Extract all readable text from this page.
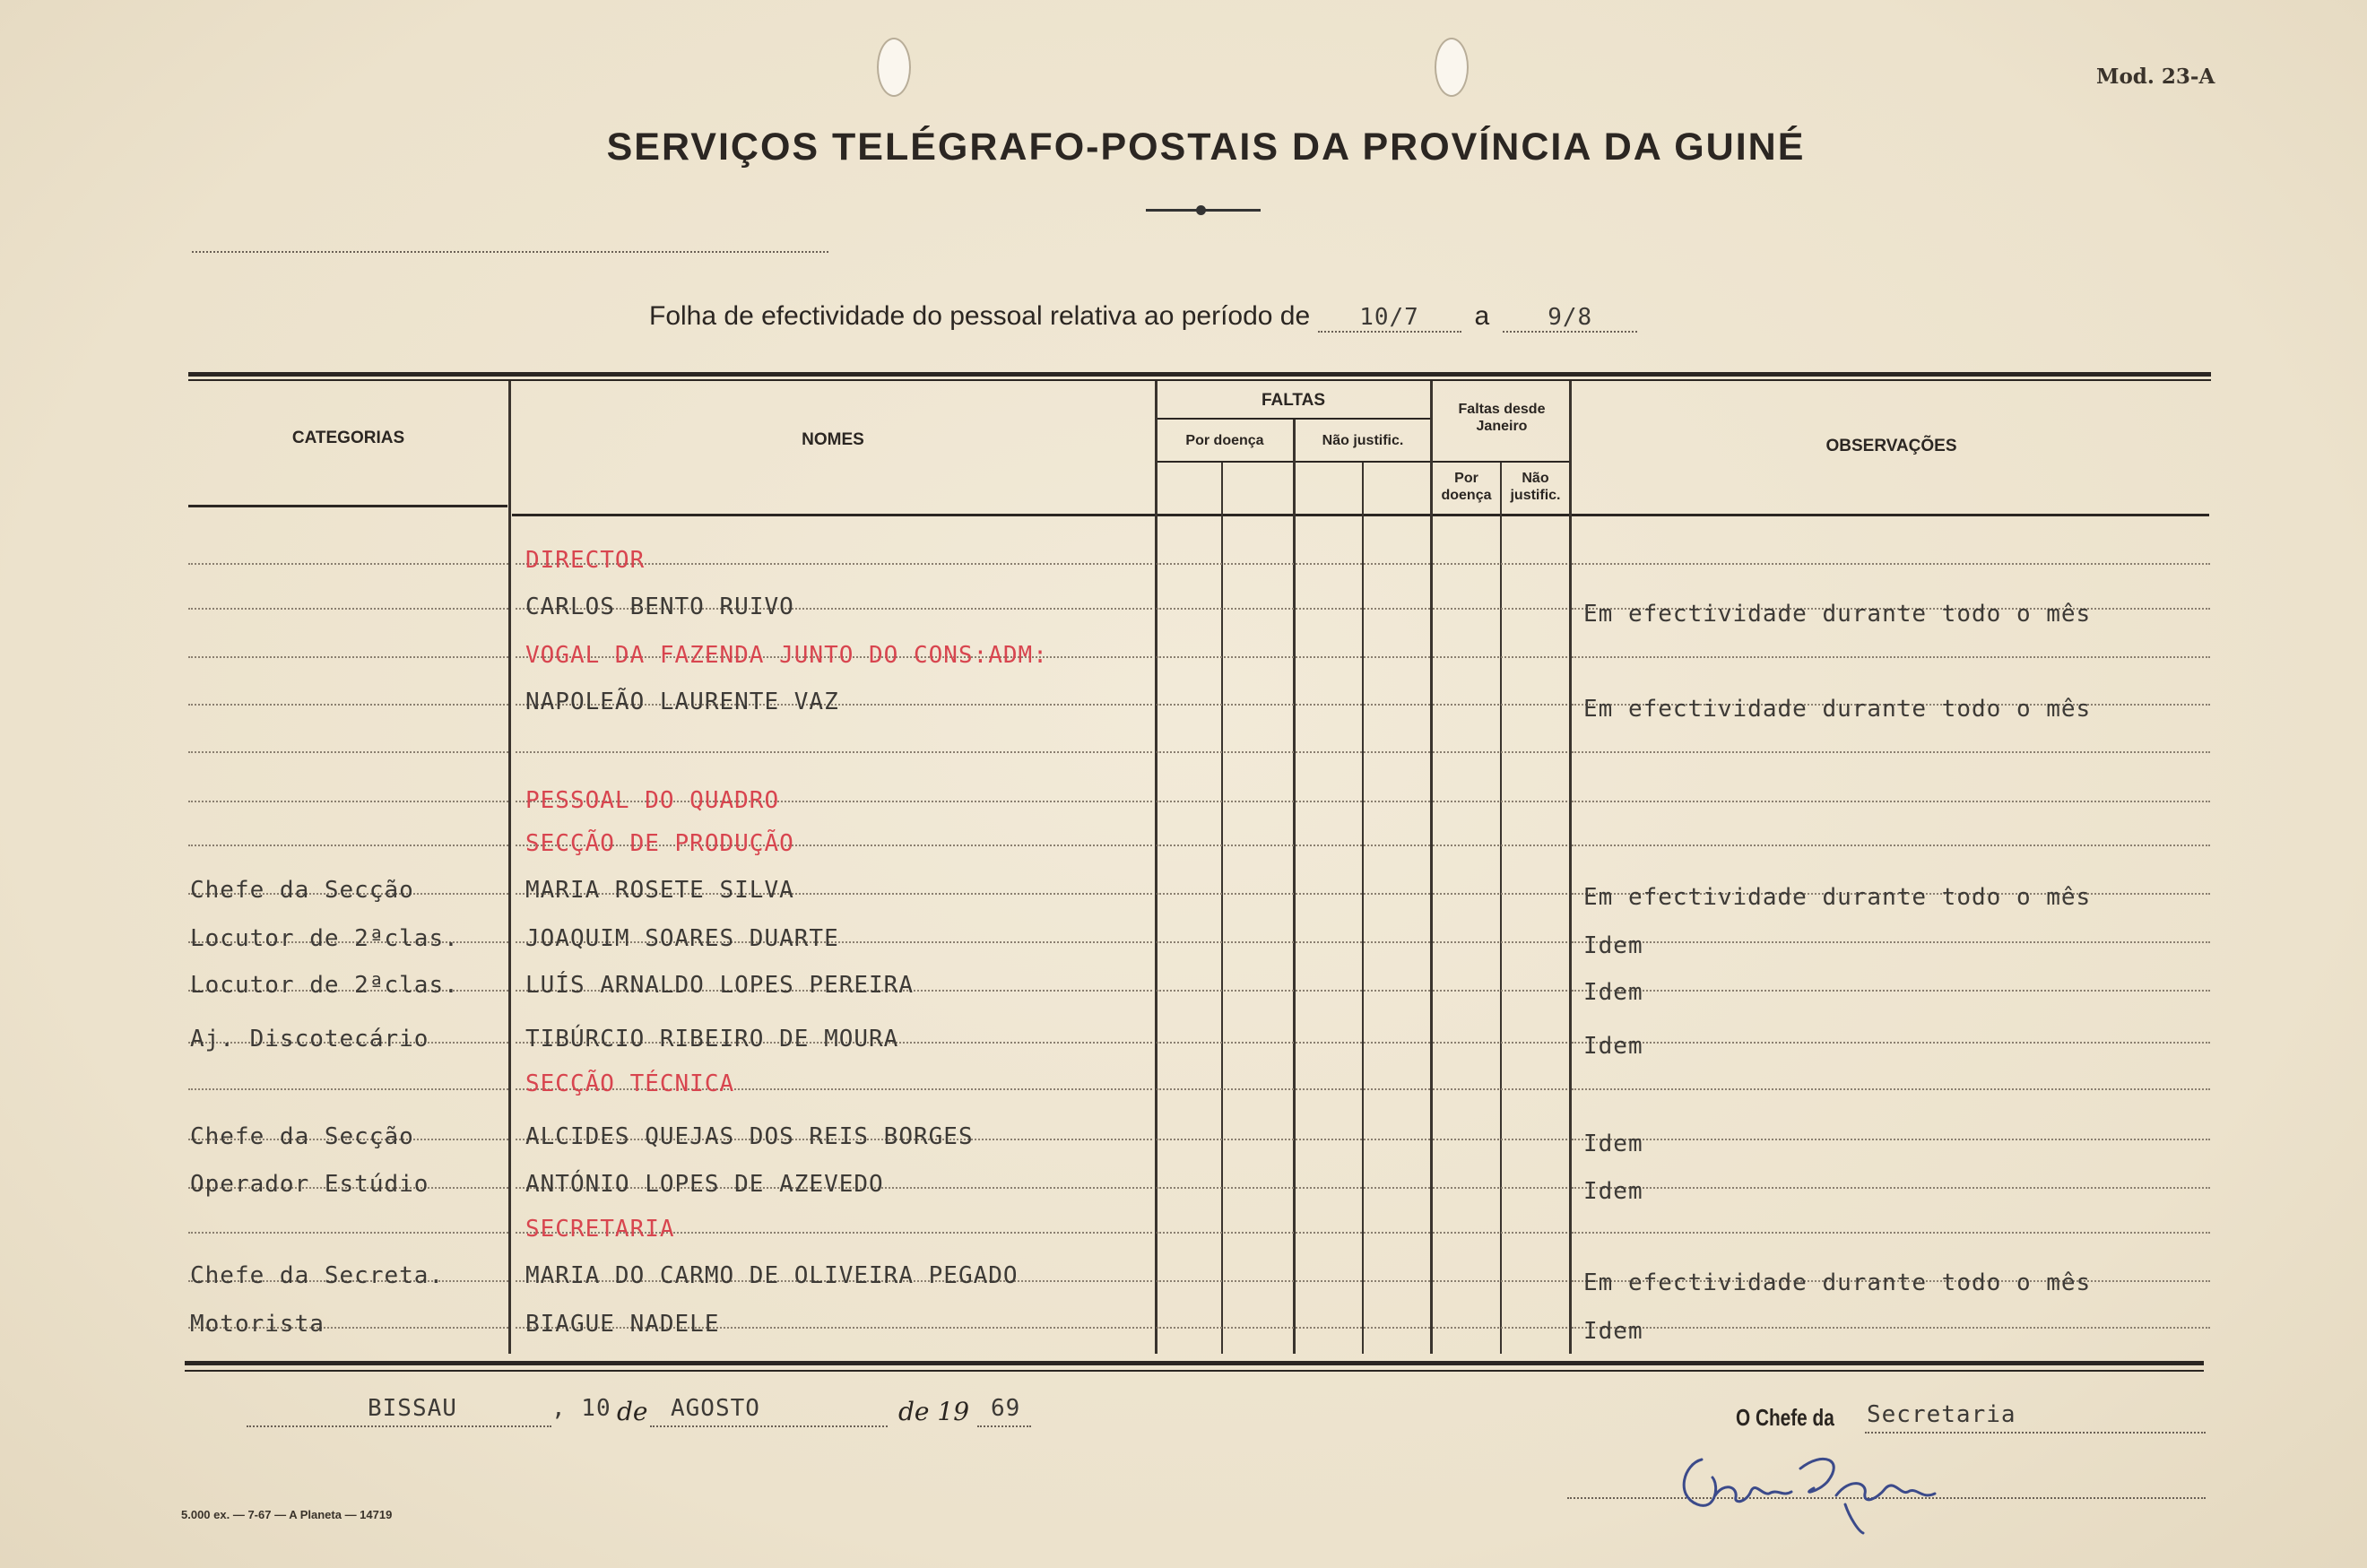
Mod. 23-A
SERVIÇOS TELÉGRAFO-POSTAIS DA PROVÍNCIA DA GUINÉ
Folha de efectividade do pessoal relativa ao período de 10/7 a	9/8
CATEGORIAS	NOMES
FALTAS
Por doença	Não justific.
Faltas desde Janeiro
Por doença
Não justific.
OBSERVAÇÕES
DIRECTOR
CARLOS BENTO RUIVO	Em efectividade durante todo o mês
VOGAL DA FAZENDA JUNTO DO CONS:ADM:
NAPOLEÃO LAURENTE VAZ	Em efectividade durante todo o mês
PESSOAL DO QUADRO
SECÇÃO DE PRODUÇÃO
Chefe da Secção	MARIA ROSETE SILVA	Em efectividade durante todo o mês
Locutor de 2ªclas.	JOAQUIM SOARES DUARTE	Idem
Locutor de 2ªclas.	LUÍS ARNALDO LOPES PEREIRA	Idem
Aj. Discotecário	TIBÚRCIO RIBEIRO DE MOURA	Idem
SECÇÃO TÉCNICA
Chefe da Secção	ALCIDES QUEJAS DOS REIS BORGES	Idem
Operador Estúdio	ANTÓNIO LOPES DE AZEVEDO	Idem
SECRETARIA
Chefe da Secreta.	MARIA DO CARMO DE OLIVEIRA PEGADO	Em efectividade durante todo o mês
Motorista	BIAGUE NADELE	Idem
BISSAU	, 10 de AGOSTO	de 19 69	O Chefe da Secretaria
5.000 ex. — 7-67 — A Planeta — 14719
